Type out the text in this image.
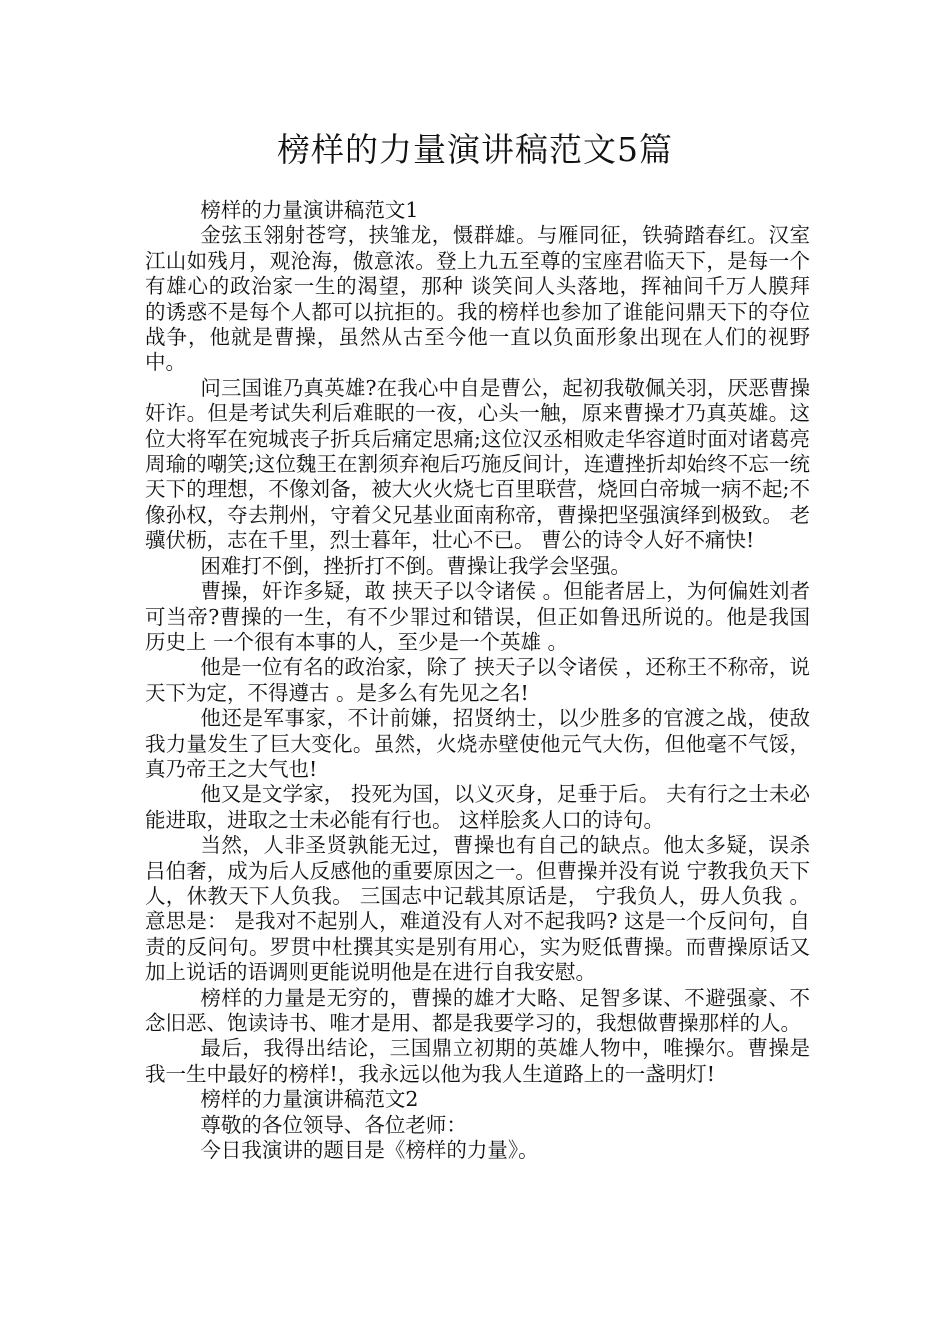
榜样的力量演讲稿范文5篇

榜样的力量演讲稿范文1

金弦玉翎射苍穹，挟雏龙，慑群雄。与雁同征，铁骑踏春红。汉室江山如残月，观沧海，傲意浓。登上九五至尊的宝座君临天下，是每一个有雄心的政治家一生的渴望，那种 谈笑间人头落地，挥袖间千万人膜拜 的诱惑不是每个人都可以抗拒的。我的榜样也参加了谁能问鼎天下的夺位战争，他就是曹操，虽然从古至今他一直以负面形象出现在人们的视野中。

问三国谁乃真英雄?在我心中自是曹公，起初我敬佩关羽，厌恶曹操奸诈。但是考试失利后难眠的一夜，心头一触，原来曹操才乃真英雄。这位大将军在宛城丧子折兵后痛定思痛;这位汉丞相败走华容道时面对诸葛亮周瑜的嘲笑;这位魏王在割须弃袍后巧施反间计，连遭挫折却始终不忘一统天下的理想，不像刘备，被大火火烧七百里联营，烧回白帝城一病不起;不像孙权，夺去荆州，守着父兄基业面南称帝，曹操把坚强演绎到极致。 老骥伏枥，志在千里，烈士暮年，壮心不已。 曹公的诗令人好不痛快!

困难打不倒，挫折打不倒。曹操让我学会坚强。

曹操，奸诈多疑，敢 挟天子以令诸侯 。但能者居上，为何偏姓刘者可当帝?曹操的一生，有不少罪过和错误，但正如鲁迅所说的。他是我国历史上 一个很有本事的人，至少是一个英雄 。

他是一位有名的政治家，除了 挟天子以令诸侯 ，还称王不称帝，说 天下为定，不得遵古 。是多么有先见之名!

他还是军事家，不计前嫌，招贤纳士，以少胜多的官渡之战，使敌我力量发生了巨大变化。虽然，火烧赤壁使他元气大伤，但他毫不气馁，真乃帝王之大气也!

他又是文学家， 投死为国，以义灭身，足垂于后。 夫有行之士未必能进取，进取之士未必能有行也。 这样脍炙人口的诗句。

当然，人非圣贤孰能无过，曹操也有自己的缺点。他太多疑，误杀吕伯奢，成为后人反感他的重要原因之一。但曹操并没有说 宁教我负天下人，休教天下人负我。 三国志中记载其原话是， 宁我负人，毋人负我 。意思是： 是我对不起别人，难道没有人对不起我吗? 这是一个反问句，自责的反问句。罗贯中杜撰其实是别有用心，实为贬低曹操。而曹操原话又加上说话的语调则更能说明他是在进行自我安慰。

榜样的力量是无穷的，曹操的雄才大略、足智多谋、不避强豪、不念旧恶、饱读诗书、唯才是用、都是我要学习的，我想做曹操那样的人。

最后，我得出结论，三国鼎立初期的英雄人物中，唯操尔。曹操是我一生中最好的榜样!，我永远以他为我人生道路上的一盏明灯!

榜样的力量演讲稿范文2

尊敬的各位领导、各位老师：

今日我演讲的题目是《榜样的力量》。
